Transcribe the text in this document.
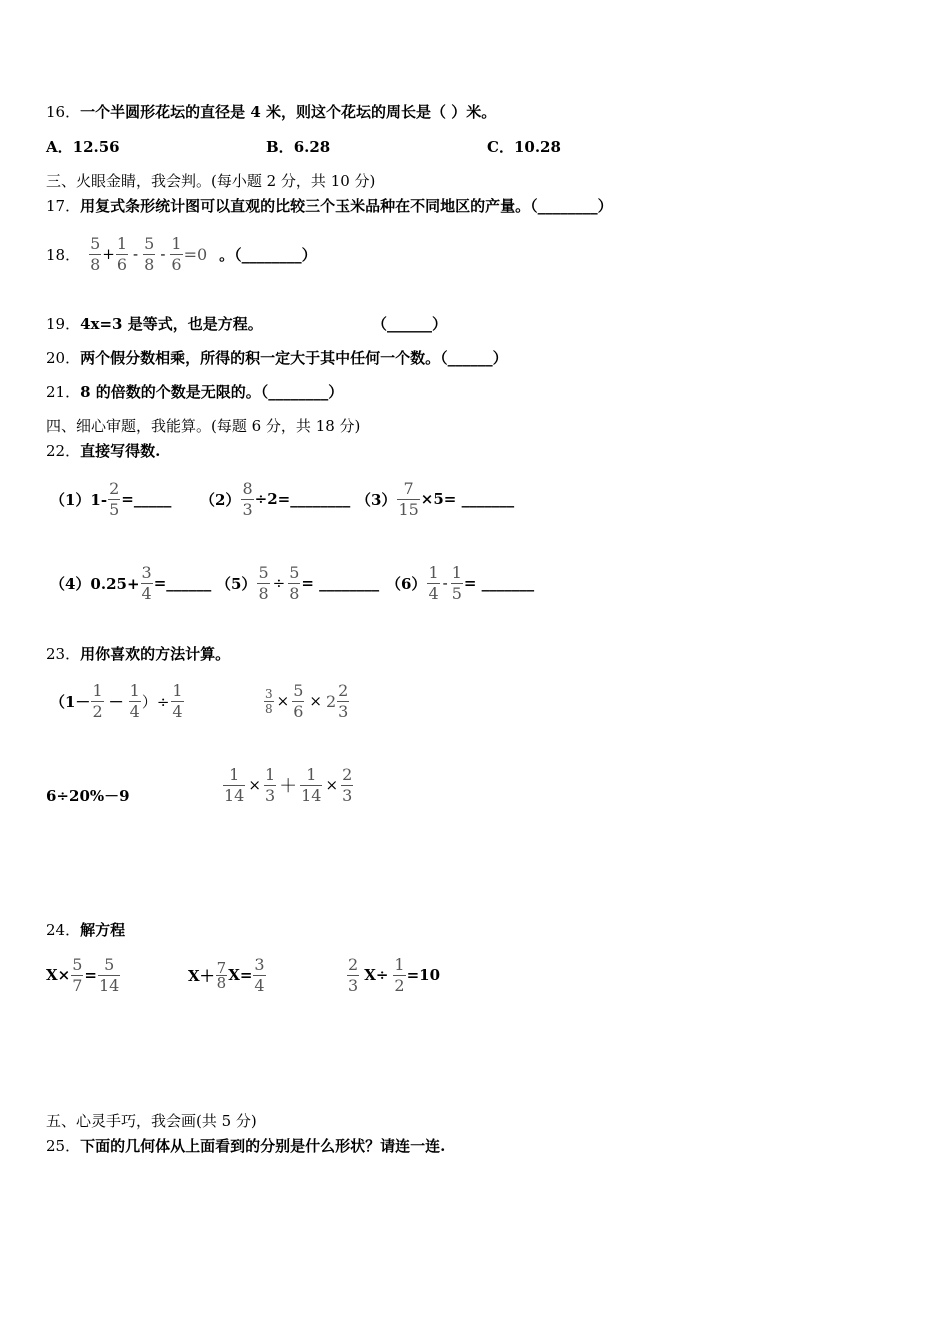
16．一个半圆形花坛的直径是 4 米，则这个花坛的周长是（ ）米。
A．12.56	B．6.28	C．10.28
三、火眼金睛，我会判。(每小题 2 分，共 10 分)
17．用复式条形统计图可以直观的比较三个玉米品种在不同地区的产量。（________）
18．
5
8
+ $\frac{1}{6}$ -
5
8
- $\frac{1}{6} =0$ 。（________）
19．4x=3 是等式，也是方程。	（______）
20．两个假分数相乘，所得的积一定大于其中任何一个数。（______）
21．8 的倍数的个数是无限的。（________）
四、细心审题，我能算。(每题 6 分，共 18 分)
22．直接写得数.
$(1)1- \frac{2}{5}$ =_____ $(2) \frac{8}{3}$ ÷2=________ $(3) \frac{7}{15} \times 5=$ _______
$(4)0.25+ \frac{3}{4}$ =______ $(5) \frac{5}{8} \div \frac{5}{8}$ = ________ （6）
1
4
- $\frac{1}{5}$ = _______
23．用你喜欢的方法计算。
（1－
1
2 －
1
4 ）÷ $\frac{1}{4}$	$\frac{3}{8} \times \frac{5}{6} \times 2$
2
3
6÷20%－9	$\frac{1}{14} \times \frac{1}{3} + \frac{1}{14} \times \frac{2}{3}$
24．解方程
$X\times \frac{5}{7} = \frac{5}{14}$	X＋ 7
8 $X= \frac{3}{4}$	2
3
$X\div \frac{1}{2} =10$
五、心灵手巧，我会画(共 5 分)
25．下面的几何体从上面看到的分别是什么形状？请连一连.
